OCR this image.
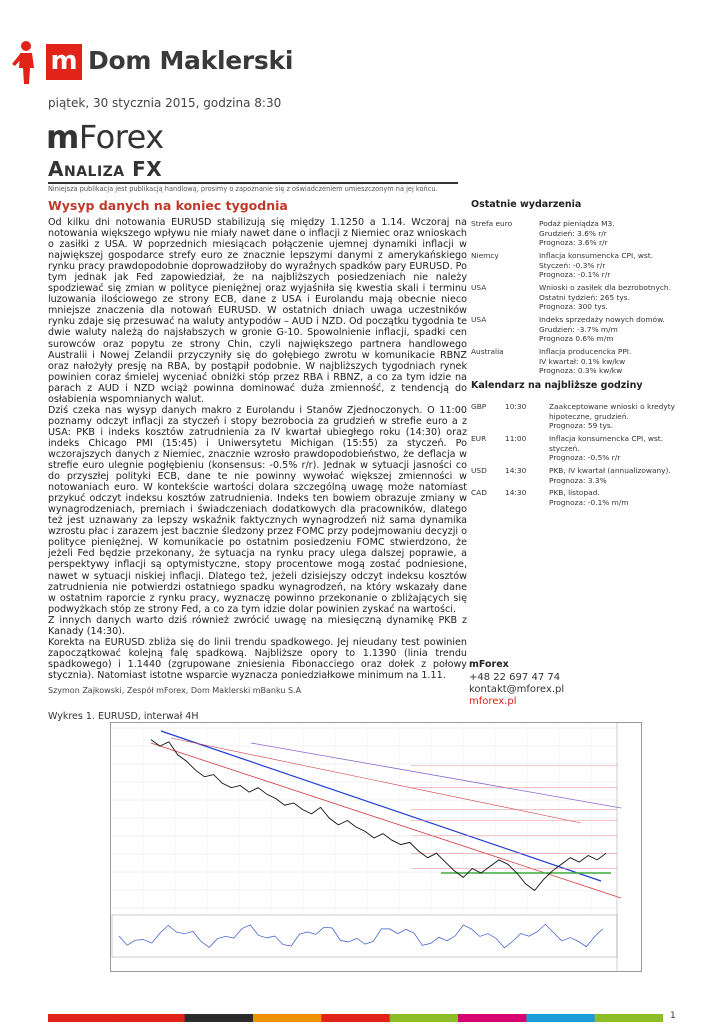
m Dom Maklerski
piątek, 30 stycznia 2015, godzina 8:30
mForex
Analiza FX
Niniejsza publikacja jest publikacją handlową, prosimy o zapoznanie się z oświadczeniem umieszczonym na jej końcu.
Wysyp danych na koniec tygodnia

Od kilku dni notowania EURUSD stabilizują się między 1.1250 a 1.14. Wczoraj na notowania większego wpływu nie miały nawet dane o inflacji z Niemiec oraz wnioskach o zasiłki z USA. W poprzednich miesiącach połączenie ujemnej dynamiki inflacji w największej gospodarce strefy euro ze znacznie lepszymi danymi z amerykańskiego rynku pracy prawdopodobnie doprowadziłoby do wyraźnych spadków pary EURUSD. Po tym jednak jak Fed zapowiedział, że na najbliższych posiedzeniach nie należy spodziewać się zmian w polityce pieniężnej oraz wyjaśniła się kwestia skali i terminu luzowania ilościowego ze strony ECB, dane z USA i Eurolandu mają obecnie nieco mniejsze znaczenia dla notowań EURUSD. W ostatnich dniach uwaga uczestników rynku zdaje się przesuwać na waluty antypodów – AUD i NZD. Od początku tygodnia te dwie waluty należą do najsłabszych w gronie G-10. Spowolnienie inflacji, spadki cen surowców oraz popytu ze strony Chin, czyli największego partnera handlowego Australii i Nowej Zelandii przyczyniły się do gołębiego zwrotu w komunikacie RBNZ oraz nałożyły presję na RBA, by postąpił podobnie. W najbliższych tygodniach rynek powinien coraz śmielej wyceniać obniżki stóp przez RBA i RBNZ, a co za tym idzie na parach z AUD i NZD wciąż powinna dominować duża zmienność, z tendencją do osłabienia wspomnianych walut.

Dziś czeka nas wysyp danych makro z Eurolandu i Stanów Zjednoczonych. O 11:00 poznamy odczyt inflacji za styczeń i stopy bezrobocia za grudzień w strefie euro a z USA: PKB i indeks kosztów zatrudnienia za IV kwartał ubiegłego roku (14:30) oraz indeks Chicago PMI (15:45) i Uniwersytetu Michigan (15:55) za styczeń. Po wczorajszych danych z Niemiec, znacznie wzrosło prawdopodobieństwo, że deflacja w strefie euro ulegnie pogłębieniu (konsensus: -0.5% r/r). Jednak w sytuacji jasności co do przyszłej polityki ECB, dane te nie powinny wywołać większej zmienności w notowaniach euro. W kontekście wartości dolara szczególną uwagę może natomiast przykuć odczyt indeksu kosztów zatrudnienia. Indeks ten bowiem obrazuje zmiany w wynagrodzeniach, premiach i świadczeniach dodatkowych dla pracowników, dlatego też jest uznawany za lepszy wskaźnik faktycznych wynagrodzeń niż sama dynamika wzrostu płac i zarazem jest bacznie śledzony przez FOMC przy podejmowaniu decyzji o polityce pieniężnej. W komunikacie po ostatnim posiedzeniu FOMC stwierdzono, że jeżeli Fed będzie przekonany, że sytuacja na rynku pracy ulega dalszej poprawie, a perspektywy inflacji są optymistyczne, stopy procentowe mogą zostać podniesione, nawet w sytuacji niskiej inflacji. Dlatego też, jeżeli dzisiejszy odczyt indeksu kosztów zatrudnienia nie potwierdzi ostatniego spadku wynagrodzeń, na który wskazały dane w ostatnim raporcie z rynku pracy, wyznaczę powinno przekonanie o zbliżających się podwyżkach stóp ze strony Fed, a co za tym idzie dolar powinien zyskać na wartości.

Z innych danych warto dziś również zwrócić uwagę na miesięczną dynamikę PKB z Kanady (14:30).

Korekta na EURUSD zbliża się do linii trendu spadkowego. Jej nieudany test powinien zapoczątkować kolejną falę spadkową. Najbliższe opory to 1.1390 (linia trendu spadkowego) i 1.1440 (zgrupowane zniesienia Fibonacciego oraz dołek z połowy stycznia). Natomiast istotne wsparcie wyznacza poniedziałkowe minimum na 1.11.

Szymon Zajkowski, Zespół mForex, Dom Maklerski mBanku S.A
Wykres 1. EURUSD, interwał 4H
Ostatnie wydarzenia
Strefa euro	Podaż pieniądza M3.
Grudzień: 3.6% r/r
Prognoza: 3.6% r/r
Niemcy	Inflacja konsumencka CPI, wst.
Styczeń: -0.3% r/r
Prognoza: -0.1% r/r
USA	Wnioski o zasiłek dla bezrobotnych.
Ostatni tydzień: 265 tys.
Prognoza: 300 tys.
USA	Indeks sprzedaży nowych domów.
Grudzień: -3.7% m/m
Prognoza 0.6% m/m
Australia	Inflacja producencka PPI.
IV kwartał: 0.1% kw/kw
Prognoza: 0.3% kw/kw
Kalendarz na najbliższe godziny
GBP	10:30	Zaakceptowane wnioski o kredyty
hipoteczne, grudzień.
Prognoza: 59 tys.
EUR	11:00	Inflacja konsumencka CPI, wst.
styczeń.
Prognoza: -0.5% r/r
USD 14:30	PKB, IV kwartał (annualizowany).
Prognoza: 3.3%
CAD 14:30	PKB, listopad.
Prognoza: -0.1% m/m
mForex
+48 22 697 47 74
kontakt@mforex.pl
mforex.pl
1
